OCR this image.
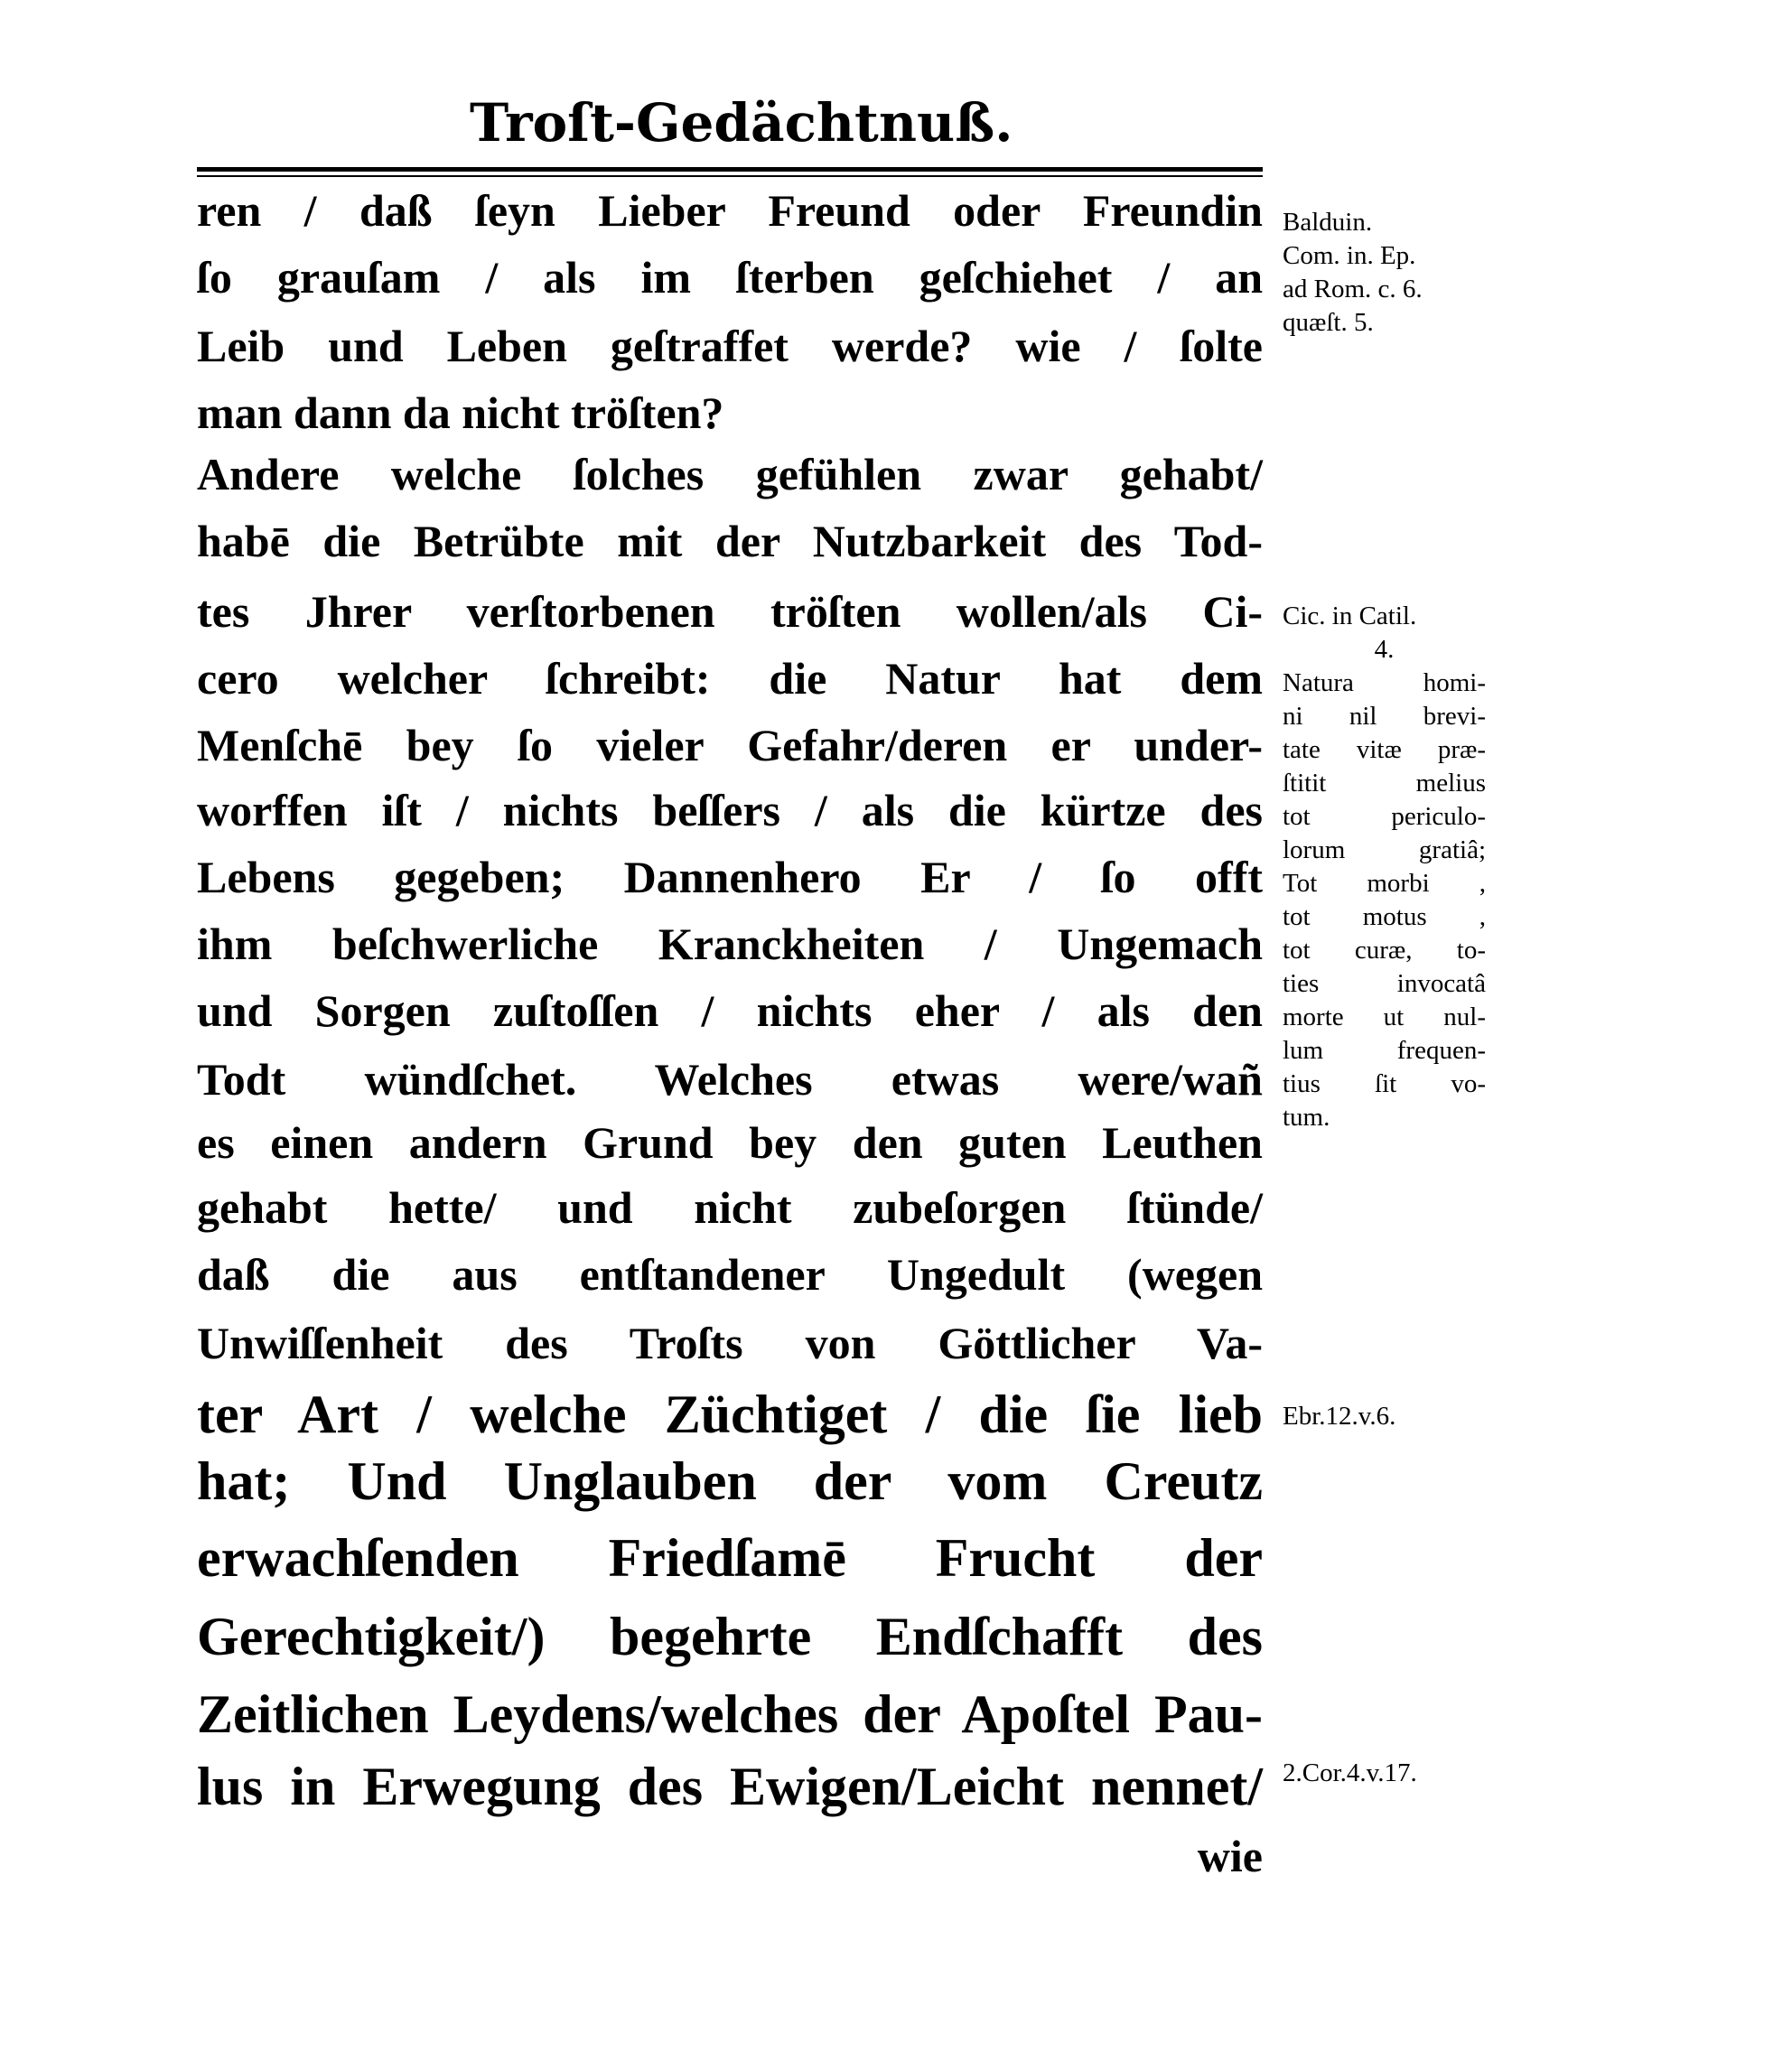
Troſt-Gedächtnuß.
ren / daß ſeyn Lieber Freund oder Freundin
ſo grauſam / als im ſterben geſchiehet / an
Leib und Leben geſtraffet werde? wie / ſolte
man dann da nicht tröſten?
Andere welche ſolches gefühlen zwar gehabt/
habē die Betrübte mit der Nutzbarkeit des Tod-
tes Jhrer verſtorbenen tröſten wollen/als Ci-
cero welcher ſchreibt: die Natur hat dem
Menſchē bey ſo vieler Gefahr/deren er under-
worffen iſt / nichts beſſers / als die kürtze des
Lebens gegeben; Dannenhero Er / ſo offt
ihm beſchwerliche Kranckheiten / Ungemach
und Sorgen zuſtoſſen / nichts eher / als den
Todt wündſchet. Welches etwas were/wañ
es einen andern Grund bey den guten Leuthen
gehabt hette/ und nicht zubeſorgen ſtünde/
daß die aus entſtandener Ungedult (wegen
Unwiſſenheit des Troſts von Göttlicher Va-
ter Art / welche Züchtiget / die ſie lieb
hat; Und Unglauben der vom Creutz
erwachſenden Friedſamē Frucht der
Gerechtigkeit/) begehrte Endſchafft des
Zeitlichen Leydens/welches der Apoſtel Pau-
lus in Erwegung des Ewigen/Leicht nennet/
wie
Balduin.
Com. in. Ep.
ad Rom. c. 6.
quæſt. 5.
Cic. in Catil.
4.
Natura homi-
ni nil brevi-
tate vitæ præ-
ſtitit melius
tot periculo-
lorum gratiâ;
Tot morbi ,
tot motus ,
tot curæ, to-
ties invocatâ
morte ut nul-
lum frequen-
tius ſit vo-
tum.
Ebr.12.v.6.
2.Cor.4.v.17.
